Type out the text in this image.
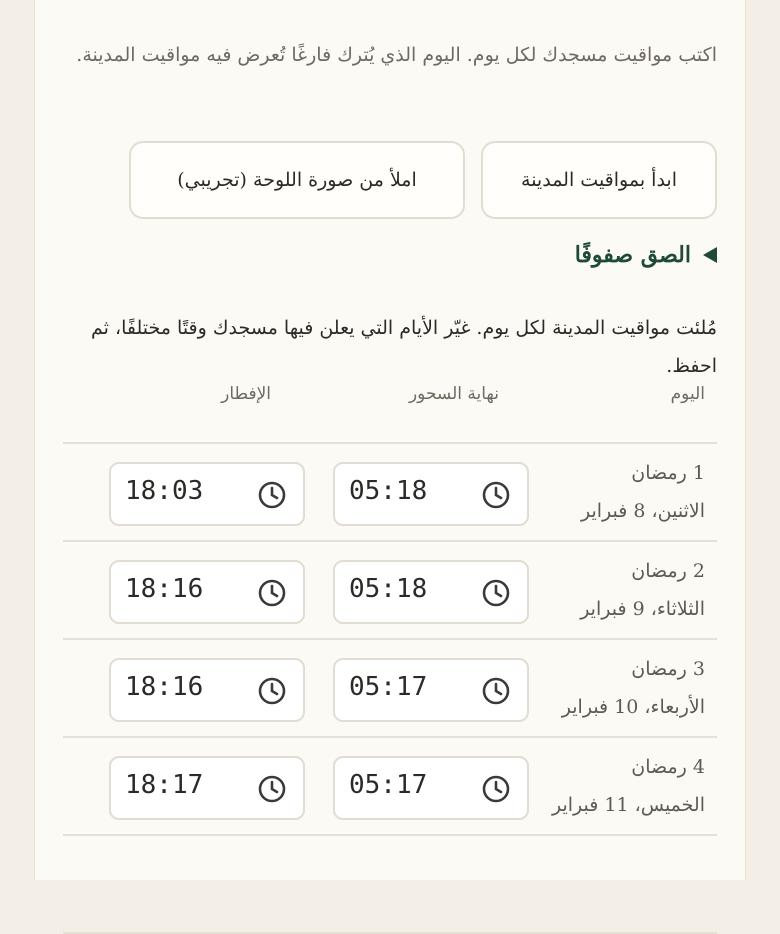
اكتب مواقيت مسجدك لكل يوم. اليوم الذي يُترك فارغًا تُعرض فيه مواقيت المدينة.
ابدأ بمواقيت المدينة
املأ من صورة اللوحة (تجريبي)
الصق صفوفًا
مُلئت مواقيت المدينة لكل يوم. غيّر الأيام التي يعلن فيها مسجدك وقتًا مختلفًا، ثم احفظ.
اليوم
نهاية السحور
الإفطار
1 رمضان
الاثنين، 8 فبراير
05:18
18:03
2 رمضان
الثلاثاء، 9 فبراير
05:18
18:16
3 رمضان
الأربعاء، 10 فبراير
05:17
18:16
4 رمضان
الخميس، 11 فبراير
05:17
18:17
